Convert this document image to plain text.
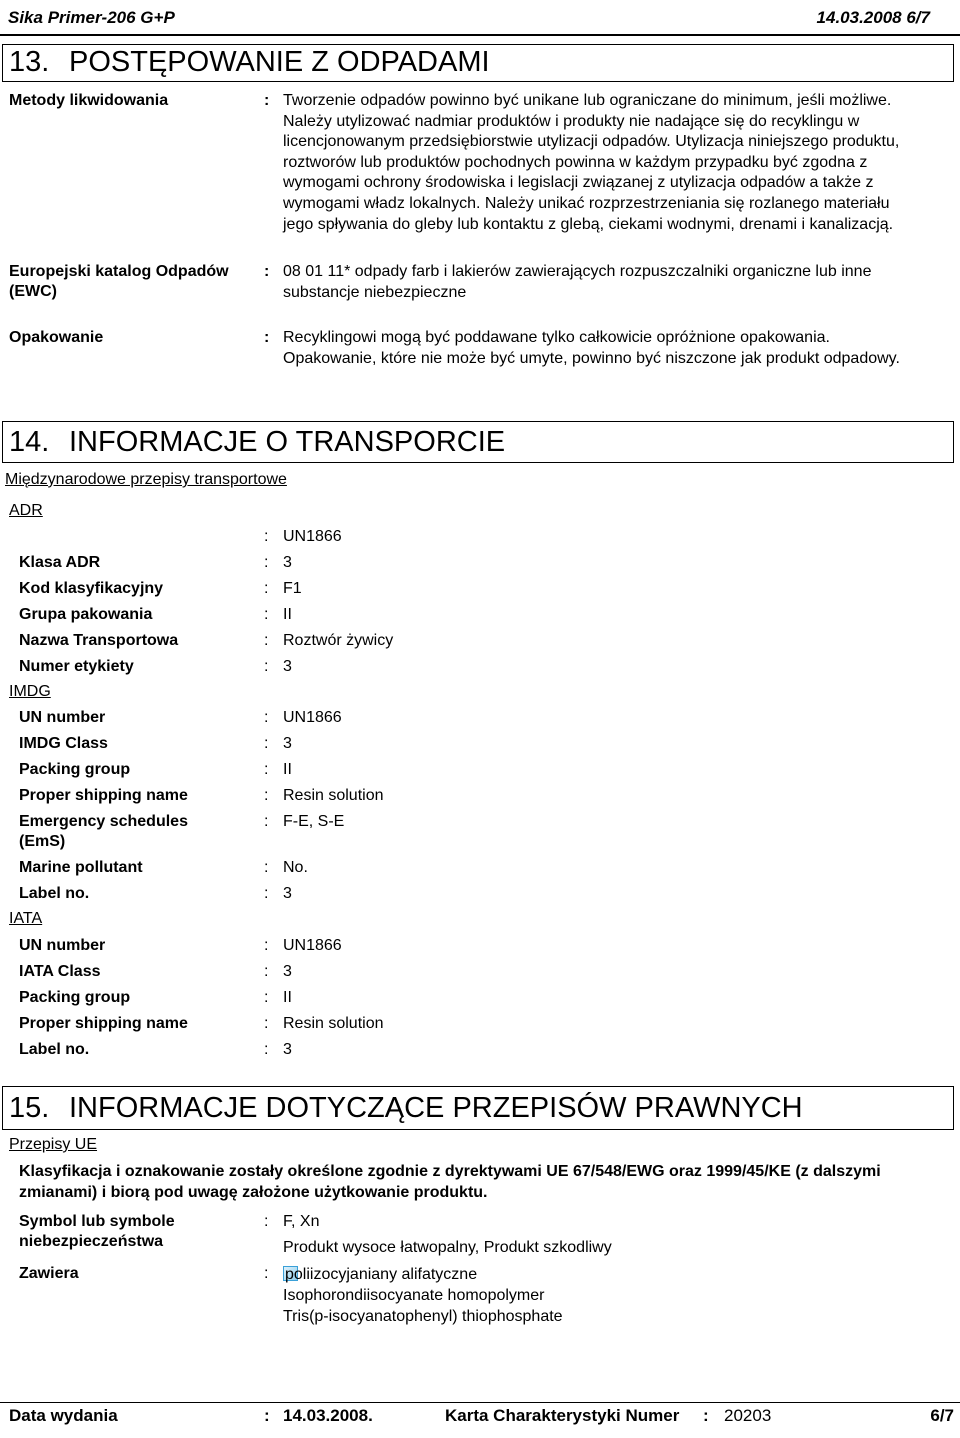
Sika Primer-206 G+P	14.03.2008 6/7
13. POSTĘPOWANIE Z ODPADAMI
Metody likwidowania	: Tworzenie odpadów powinno być unikane lub ograniczane do minimum, jeśli możliwe. Należy utylizować nadmiar produktów i produkty nie nadające się do recyklingu w licencjonowanym przedsiębiorstwie utylizacji odpadów. Utylizacja niniejszego produktu, roztworów lub produktów pochodnych powinna w każdym przypadku być zgodna z wymogami ochrony środowiska i legislacji związanej z utylizacja odpadów a także z wymogami władz lokalnych. Należy unikać rozprzestrzeniania się rozlanego materiału jego spływania do gleby lub kontaktu z glebą, ciekami wodnymi, drenami i kanalizacją.
Europejski katalog Odpadów (EWC)
: 08 01 11* odpady farb i lakierów zawierających rozpuszczalniki organiczne lub inne substancje niebezpieczne
Opakowanie	: Recyklingowi mogą być poddawane tylko całkowicie opróżnione opakowania. Opakowanie, które nie może być umyte, powinno być niszczone jak produkt odpadowy.
14. INFORMACJE O TRANSPORCIE
Międzynarodowe przepisy transportowe
ADR
: UN1866
Klasa ADR	: 3
Kod klasyfikacyjny	: F1
Grupa pakowania	: II
Nazwa Transportowa	: Roztwór żywicy
Numer etykiety	: 3
IMDG
UN number	: UN1866
IMDG Class	: 3
Packing group	: II
Proper shipping name	: Resin solution
Emergency schedules (EmS)
: F-E, S-E
Marine pollutant	: No.
Label no.	: 3
IATA
UN number	: UN1866
IATA Class	: 3
Packing group	: II
Proper shipping name	: Resin solution
Label no.	: 3
15. INFORMACJE DOTYCZĄCE PRZEPISÓW PRAWNYCH
Przepisy UE
Klasyfikacja i oznakowanie zostały określone zgodnie z dyrektywami UE 67/548/EWG oraz 1999/45/KE (z dalszymi zmianami) i biorą pod uwagę założone użytkowanie produktu.
Symbol lub symbole niebezpieczeństwa
: F, Xn
Produkt wysoce łatwopalny, Produkt szkodliwy
Zawiera	:	poliizocyjaniany alifatyczne
Isophorondiisocyanate homopolymer
Tris(p-isocyanatophenyl) thiophosphate
Data wydania	: 14.03.2008.	Karta Charakterystyki Numer : 20203	6/7
